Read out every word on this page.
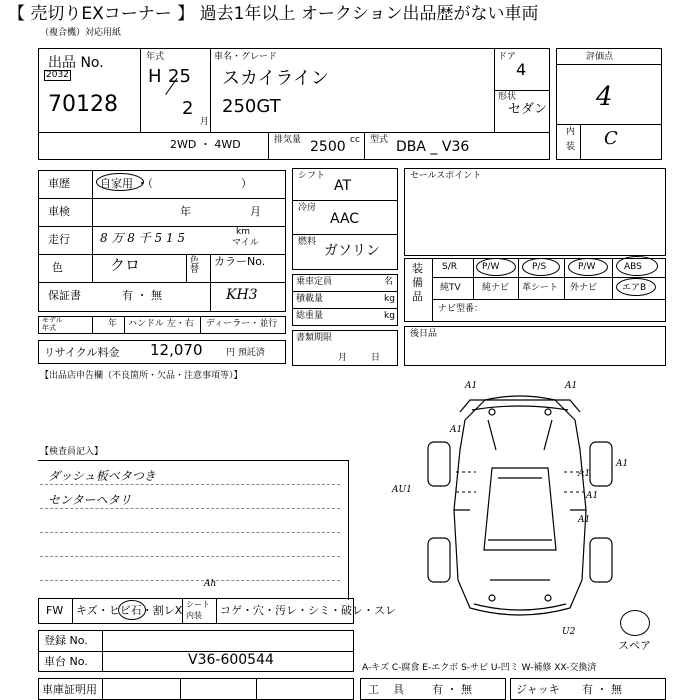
【 売切りEXコーナー 】 過去1年以上 オークション出品歴がない車両
（複合機）対応用紙
出品 No.
2032
70128
年式
H 25
2
月
車名・グレード
スカイライン
250GT
ドア
4
形状
セダン
評価点
4
内
装 C
2WD ・ 4WD	排気量 2500 cc 型式 DBA _ V36
車歴	自家用 ・（　　　　　　　　）
車検	年	月
走行	8 万 8 千 5 1 5	km
マイル
色	クロ	色替
カラーNo.
KH3
保証書	有 ・ 無
モデル
年式	年 ハンドル 左・右 ディーラー・並行
リサイクル料金 12,070	円 預託済
シフト
AT
冷房
AAC
燃料
ガソリン
乗車定員	名
積載量	kg
総重量	kg
書類期限
月日
セールスポイント
装備品
S/R	P/W	P/S	P/W	ABS
純TV 純ナビ 革シート 外ナビ	エアB
ナビ型番：
後日品
【出品店申告欄（不良箇所・欠品・注意事項等）】
【検査員記入】
ダッシュ板ベタつき
センターヘタリ
A1	A1
A1
AU1
A1
A1
A1
A1
U2
スペア
Ah
FW キズ・ヒビ石・割レX シート
内装 コゲ・穴・汚レ・シミ・破レ・スレ
登録 No.
車台 No.	V36-600544
車庫証明用
A-キズ C-腐食 E-エクボ S-サビ U-凹ミ W-補修 XX-交換済
工具 有 ・ 無	ジャッキ 有 ・ 無
